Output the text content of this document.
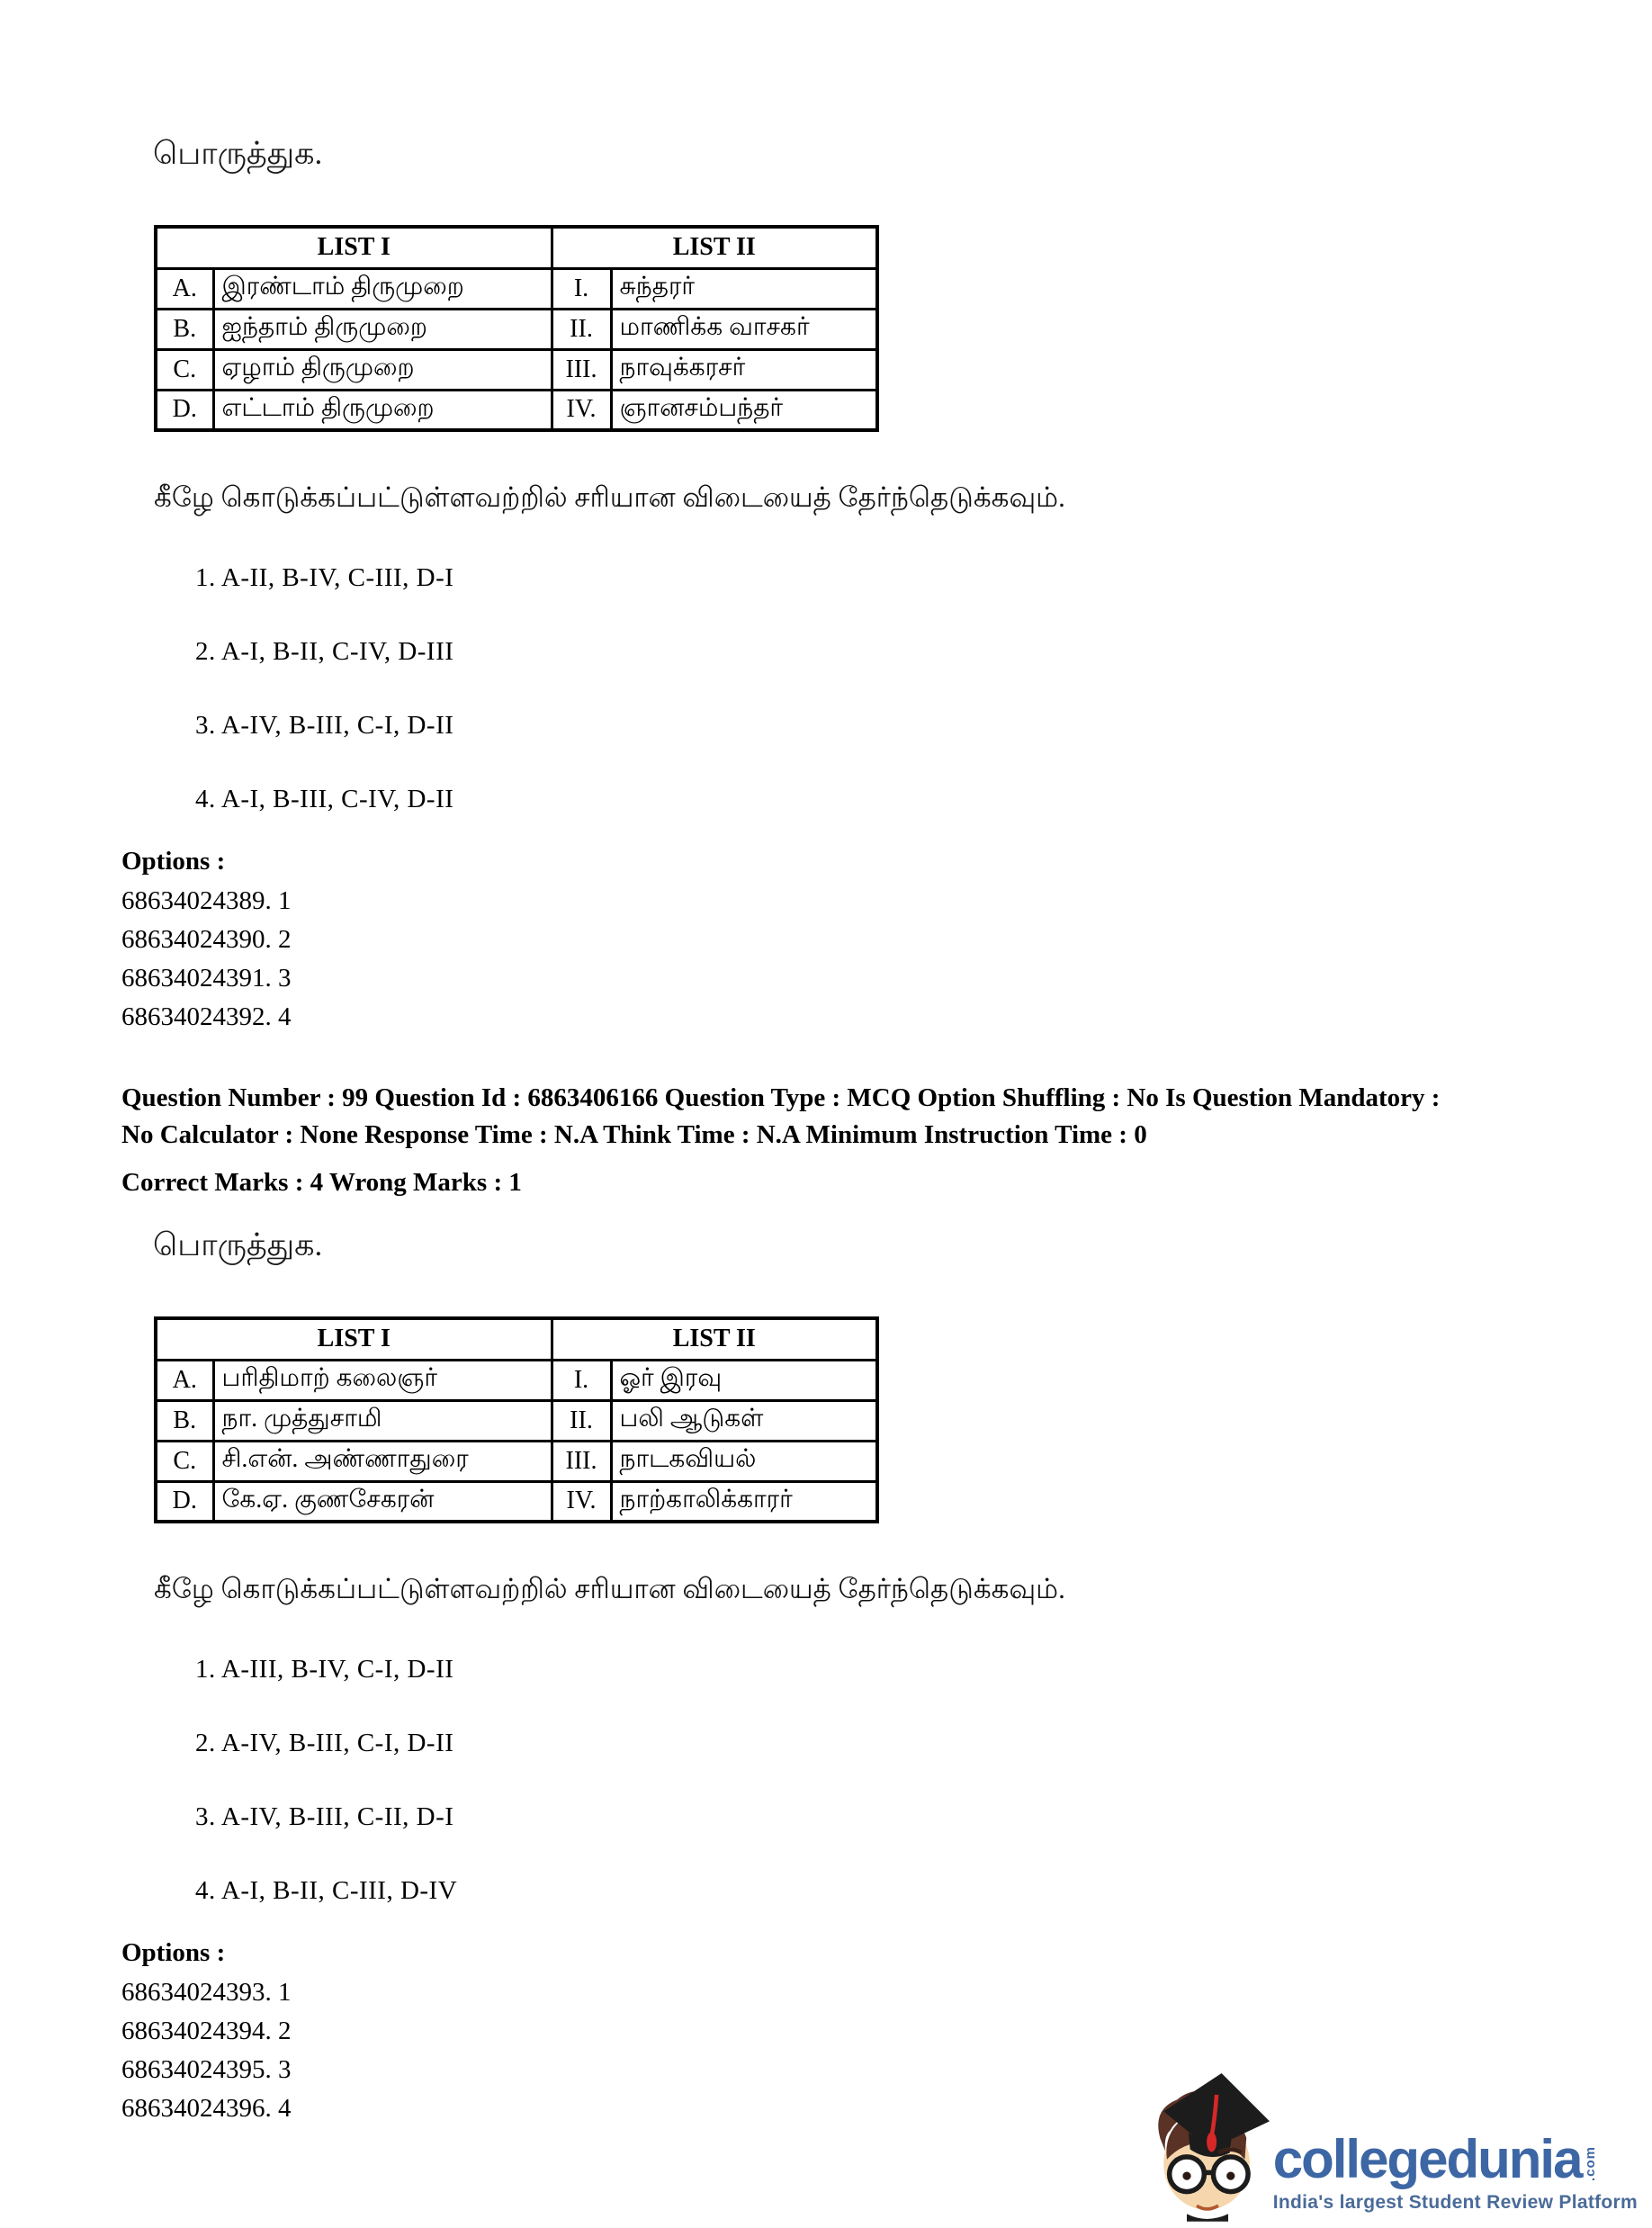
பொருத்துக.
LIST I		LIST II	
A.	இரண்டாம் திருமுறை	I.	சுந்தரர்
B.	ஐந்தாம் திருமுறை	II.	மாணிக்க வாசகர்
C.	ஏழாம் திருமுறை	III.	நாவுக்கரசர்
D.	எட்டாம் திருமுறை	IV.	ஞானசம்பந்தர்
கீழே கொடுக்கப்பட்டுள்ளவற்றில் சரியான விடையைத் தேர்ந்தெடுக்கவும்.
1. A-II, B-IV, C-III, D-I
2. A-I, B-II, C-IV, D-III
3. A-IV, B-III, C-I, D-II
4. A-I, B-III, C-IV, D-II
Options :
68634024389. 1
68634024390. 2
68634024391. 3
68634024392. 4
Question Number : 99 Question Id : 6863406166 Question Type : MCQ Option Shuffling : No Is Question Mandatory :
No Calculator : None Response Time : N.A Think Time : N.A Minimum Instruction Time : 0
Correct Marks : 4 Wrong Marks : 1
பொருத்துக.
LIST I		LIST II	
A.	பரிதிமாற் கலைஞர்	I.	ஓர் இரவு
B.	நா. முத்துசாமி	II.	பலி ஆடுகள்
C.	சி.என். அண்ணாதுரை	III.	நாடகவியல்
D.	கே.ஏ. குணசேகரன்	IV.	நாற்காலிக்காரர்
கீழே கொடுக்கப்பட்டுள்ளவற்றில் சரியான விடையைத் தேர்ந்தெடுக்கவும்.
1. A-III, B-IV, C-I, D-II
2. A-IV, B-III, C-I, D-II
3. A-IV, B-III, C-II, D-I
4. A-I, B-II, C-III, D-IV
Options :
68634024393. 1
68634024394. 2
68634024395. 3
68634024396. 4
collegedunia .com
India's largest Student Review Platform
